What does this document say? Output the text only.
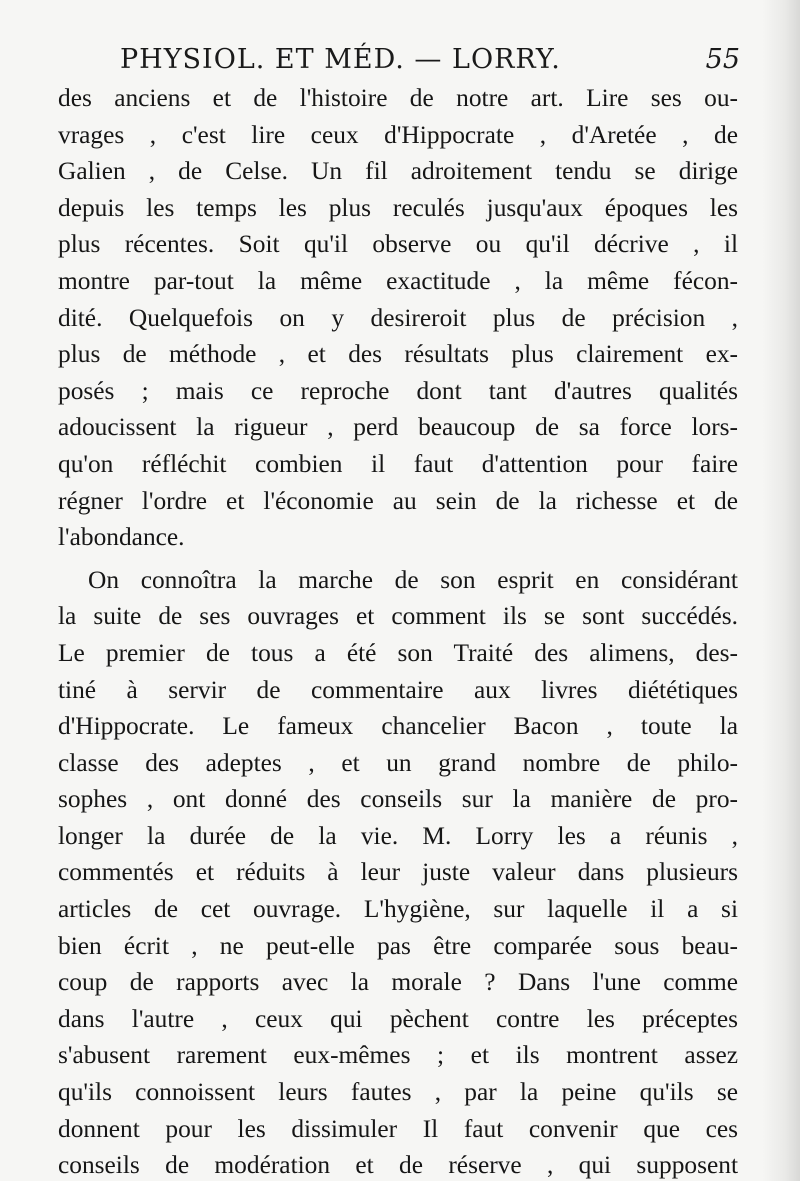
PHYSIOL. ET MÉD. — LORRY.	55
des anciens et de l'histoire de notre art. Lire ses ou-
vrages , c'est lire ceux d'Hippocrate , d'Aretée , de
Galien , de Celse. Un fil adroitement tendu se dirige
depuis les temps les plus reculés jusqu'aux époques les
plus récentes. Soit qu'il observe ou qu'il décrive , il
montre par-tout la même exactitude , la même fécon-
dité. Quelquefois on y desireroit plus de précision ,
plus de méthode , et des résultats plus clairement ex-
posés ; mais ce reproche dont tant d'autres qualités
adoucissent la rigueur , perd beaucoup de sa force lors-
qu'on réfléchit combien il faut d'attention pour faire
régner l'ordre et l'économie au sein de la richesse et de
l'abondance.
On connoîtra la marche de son esprit en considérant
la suite de ses ouvrages et comment ils se sont succédés.
Le premier de tous a été son Traité des alimens, des-
tiné à servir de commentaire aux livres diététiques
d'Hippocrate. Le fameux chancelier Bacon , toute la
classe des adeptes , et un grand nombre de philo-
sophes , ont donné des conseils sur la manière de pro-
longer la durée de la vie. M. Lorry les a réunis ,
commentés et réduits à leur juste valeur dans plusieurs
articles de cet ouvrage. L'hygiène, sur laquelle il a si
bien écrit , ne peut-elle pas être comparée sous beau-
coup de rapports avec la morale ? Dans l'une comme
dans l'autre , ceux qui pèchent contre les préceptes
s'abusent rarement eux-mêmes ; et ils montrent assez
qu'ils connoissent leurs fautes , par la peine qu'ils se
donnent pour les dissimuler Il faut convenir que ces
conseils de modération et de réserve , qui supposent
